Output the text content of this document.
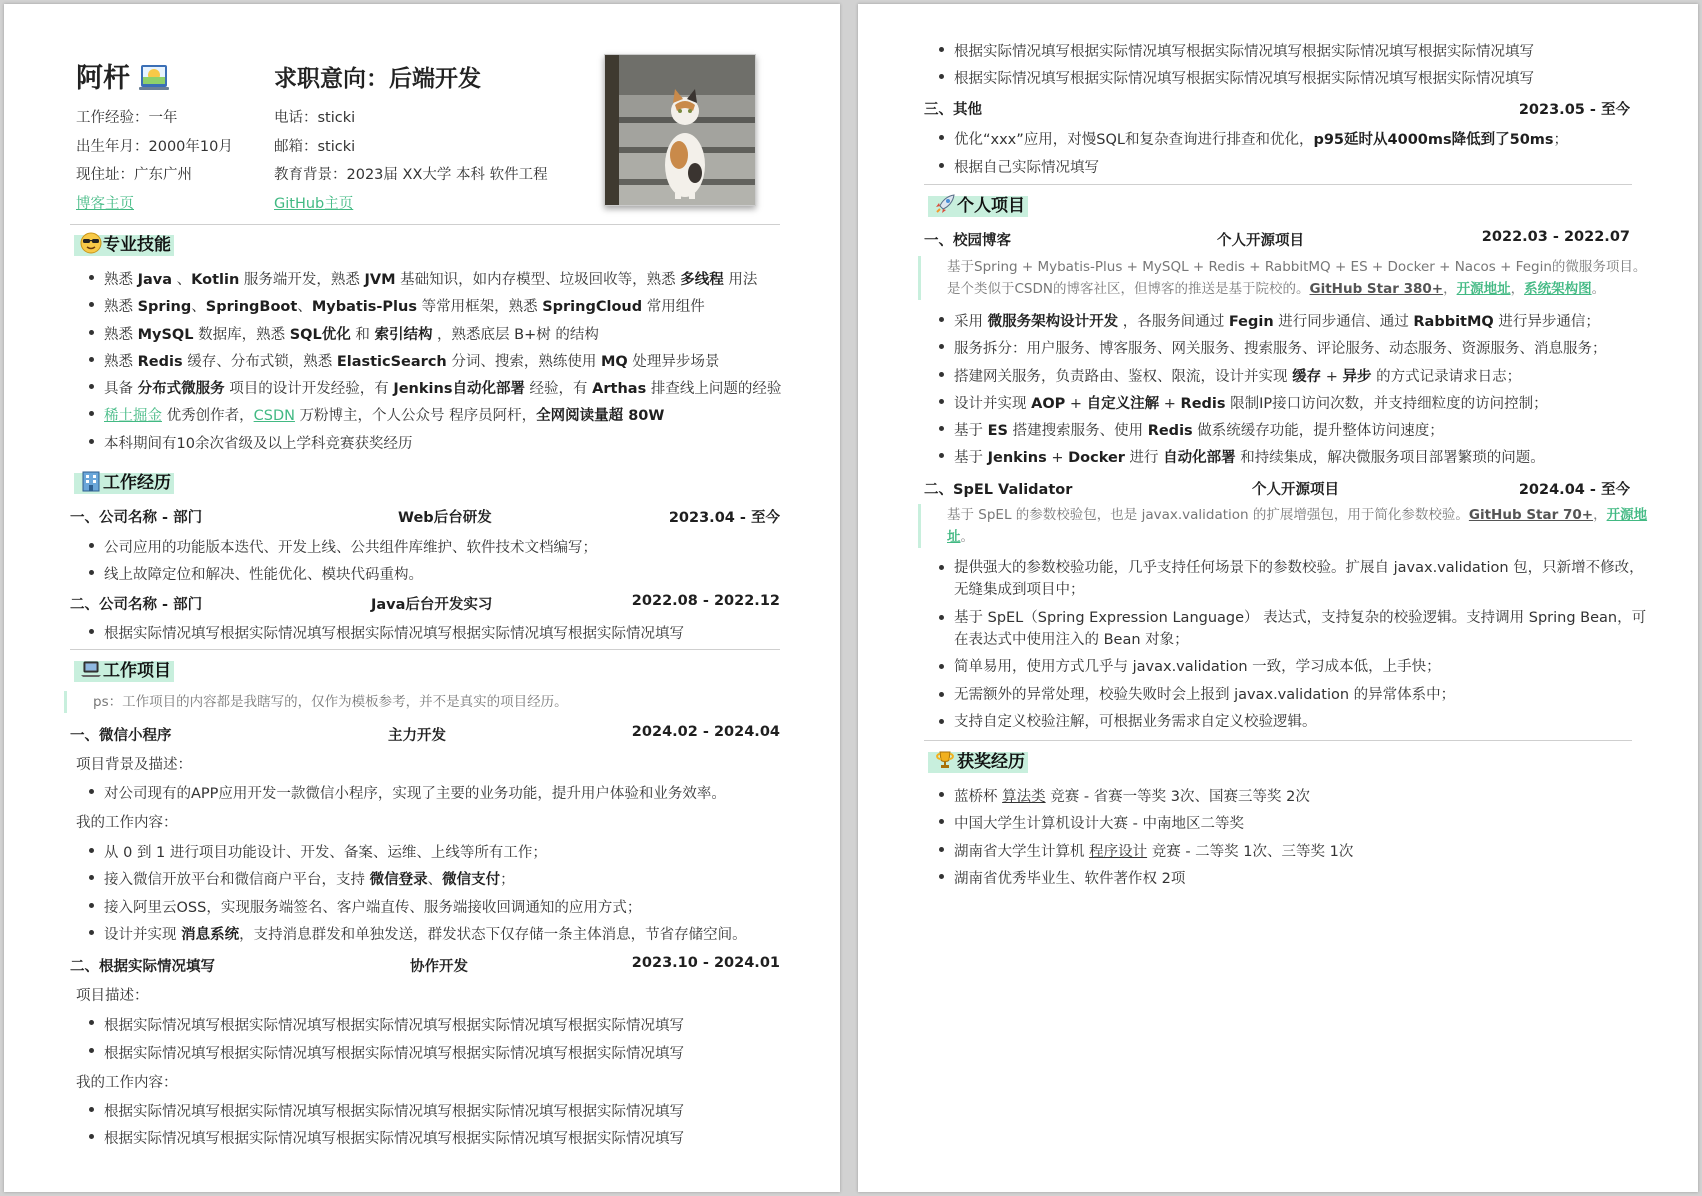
阿杆	求职意向：后端开发
工作经验：一年
出生年月：2000年10月
现住址：广东广州
博客主页
电话：sticki
邮箱：sticki
教育背景：2023届 XX大学 本科 软件工程
GitHub主页
专业技能
熟悉 Java 、Kotlin 服务端开发，熟悉 JVM 基础知识，如内存模型、垃圾回收等，熟悉 多线程 用法
熟悉 Spring、SpringBoot、Mybatis-Plus 等常用框架，熟悉 SpringCloud 常用组件
熟悉 MySQL 数据库，熟悉 SQL优化 和 索引结构 ，熟悉底层 B+树 的结构
熟悉 Redis 缓存、分布式锁，熟悉 ElasticSearch 分词、搜索，熟练使用 MQ 处理异步场景
具备 分布式微服务 项目的设计开发经验，有 Jenkins自动化部署 经验，有 Arthas 排查线上问题的经验
稀土掘金 优秀创作者，CSDN 万粉博主，个人公众号 程序员阿杆，全网阅读量超 80W
本科期间有10余次省级及以上学科竞赛获奖经历
工作经历
一、公司名称 - 部门	Web后台研发	2023.04 - 至今
公司应用的功能版本迭代、开发上线、公共组件库维护、软件技术文档编写；
线上故障定位和解决、性能优化、模块代码重构。
二、公司名称 - 部门	Java后台开发实习	2022.08 - 2022.12
根据实际情况填写根据实际情况填写根据实际情况填写根据实际情况填写根据实际情况填写
工作项目
ps：工作项目的内容都是我瞎写的，仅作为模板参考，并不是真实的项目经历。
一、微信小程序	主力开发	2024.02 - 2024.04
项目背景及描述：
对公司现有的APP应用开发一款微信小程序，实现了主要的业务功能，提升用户体验和业务效率。
我的工作内容：
从 0 到 1 进行项目功能设计、开发、备案、运维、上线等所有工作；
接入微信开放平台和微信商户平台，支持 微信登录、微信支付；
接入阿里云OSS，实现服务端签名、客户端直传、服务端接收回调通知的应用方式；
设计并实现 消息系统，支持消息群发和单独发送，群发状态下仅存储一条主体消息，节省存储空间。
二、根据实际情况填写	协作开发	2023.10 - 2024.01
项目描述：
根据实际情况填写根据实际情况填写根据实际情况填写根据实际情况填写根据实际情况填写
根据实际情况填写根据实际情况填写根据实际情况填写根据实际情况填写根据实际情况填写
我的工作内容：
根据实际情况填写根据实际情况填写根据实际情况填写根据实际情况填写根据实际情况填写
根据实际情况填写根据实际情况填写根据实际情况填写根据实际情况填写根据实际情况填写
根据实际情况填写根据实际情况填写根据实际情况填写根据实际情况填写根据实际情况填写
根据实际情况填写根据实际情况填写根据实际情况填写根据实际情况填写根据实际情况填写
三、其他	2023.05 - 至今
优化“xxx”应用，对慢SQL和复杂查询进行排查和优化，p95延时从4000ms降低到了50ms；
根据自己实际情况填写
个人项目
一、校园博客	个人开源项目	2022.03 - 2022.07
基于Spring + Mybatis-Plus + MySQL + Redis + RabbitMQ + ES + Docker + Nacos + Fegin的微服务项目。
是个类似于CSDN的博客社区，但博客的推送是基于院校的。GitHub Star 380+，开源地址，系统架构图。
采用 微服务架构设计开发 ，各服务间通过 Fegin 进行同步通信、通过 RabbitMQ 进行异步通信；
服务拆分：用户服务、博客服务、网关服务、搜索服务、评论服务、动态服务、资源服务、消息服务；
搭建网关服务，负责路由、鉴权、限流，设计并实现 缓存 + 异步 的方式记录请求日志；
设计并实现 AOP + 自定义注解 + Redis 限制IP接口访问次数，并支持细粒度的访问控制；
基于 ES 搭建搜索服务、使用 Redis 做系统缓存功能，提升整体访问速度；
基于 Jenkins + Docker 进行 自动化部署 和持续集成，解决微服务项目部署繁琐的问题。
二、SpEL Validator	个人开源项目	2024.04 - 至今
基于 SpEL 的参数校验包，也是 javax.validation 的扩展增强包，用于简化参数校验。GitHub Star 70+，开源地
址。
提供强大的参数校验功能，几乎支持任何场景下的参数校验。扩展自 javax.validation 包，只新增不修改，无缝集成到项目中；
基于 SpEL（Spring Expression Language） 表达式，支持复杂的校验逻辑。支持调用 Spring Bean，可在表达式中使用注入的 Bean 对象；
简单易用，使用方式几乎与 javax.validation 一致，学习成本低，上手快；
无需额外的异常处理，校验失败时会上报到 javax.validation 的异常体系中；
支持自定义校验注解，可根据业务需求自定义校验逻辑。
获奖经历
蓝桥杯 算法类 竞赛 - 省赛一等奖 3次、国赛三等奖 2次
中国大学生计算机设计大赛 - 中南地区二等奖
湖南省大学生计算机 程序设计 竞赛 - 二等奖 1次、三等奖 1次
湖南省优秀毕业生、软件著作权 2项
